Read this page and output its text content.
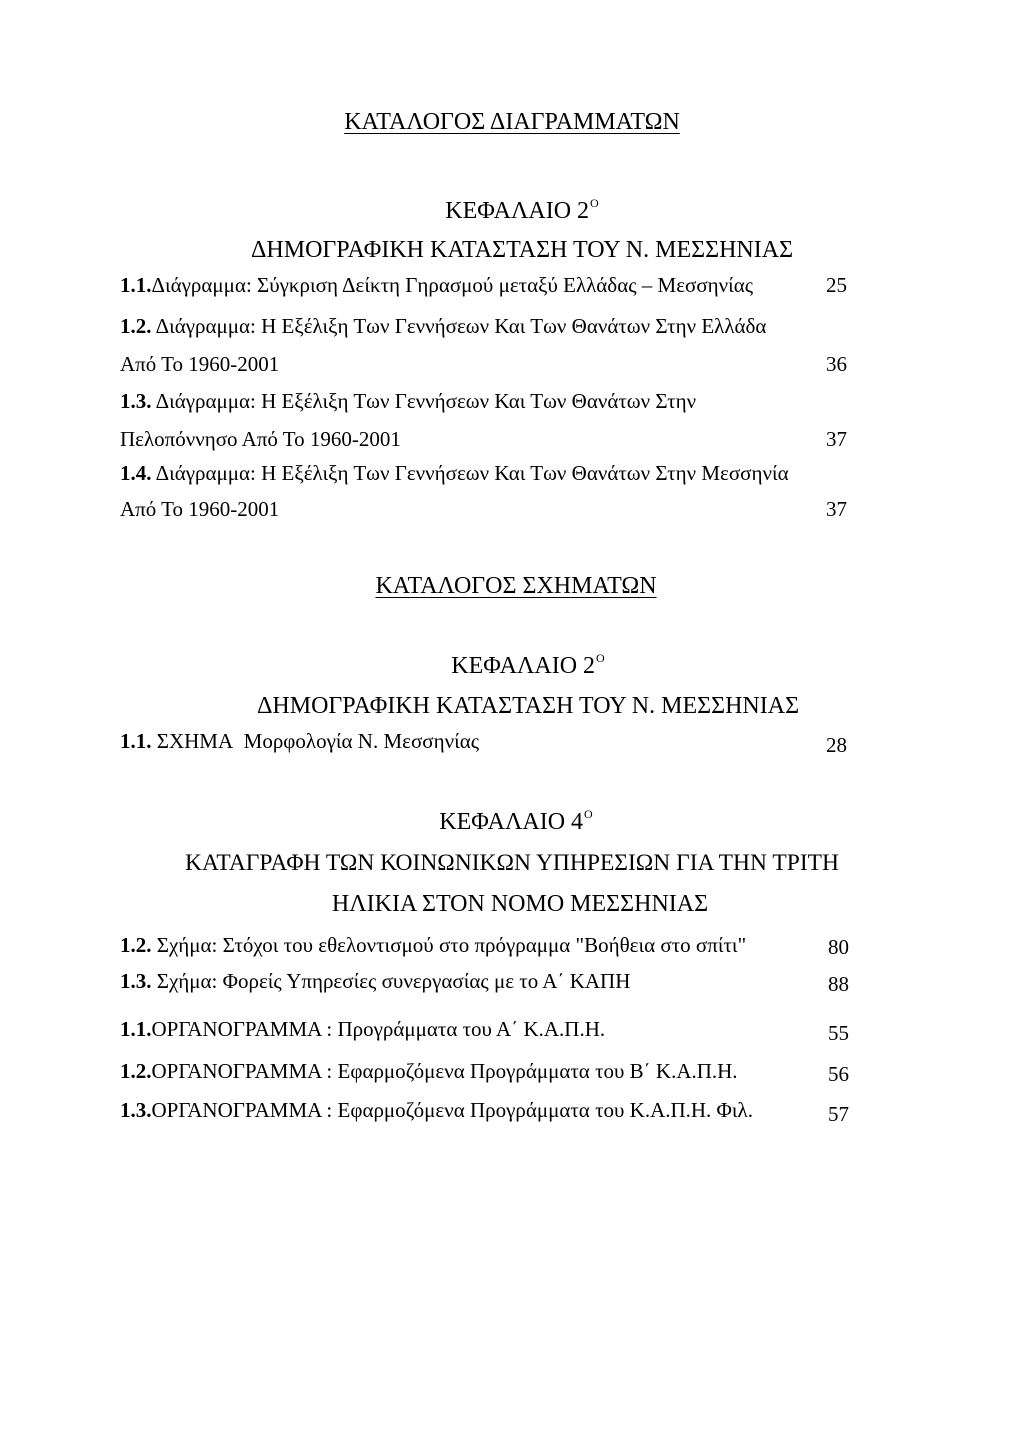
ΚΑΤΑΛΟΓΟΣ ΔΙΑΓΡΑΜΜΑΤΩΝ
ΚΕΦΑΛΑΙΟ $2^O$
ΔΗΜΟΓΡΑΦΙΚΗ ΚΑΤΑΣΤΑΣΗ ΤΟΥ Ν. ΜΕΣΣΗΝΙΑΣ
1.1.Διάγραμμα: Σύγκριση Δείκτη Γηρασμού μεταξύ Ελλάδας – Μεσσηνίας	25
1.2. Διάγραμμα: Η Εξέλιξη Των Γεννήσεων Και Των Θανάτων Στην Ελλάδα
Από Το 1960-2001	36
1.3. Διάγραμμα: Η Εξέλιξη Των Γεννήσεων Και Των Θανάτων Στην
Πελοπόννησο Από Το 1960-2001	37
1.4. Διάγραμμα: Η Εξέλιξη Των Γεννήσεων Και Των Θανάτων Στην Μεσσηνία
Από Το 1960-2001	37
ΚΑΤΑΛΟΓΟΣ ΣΧΗΜΑΤΩΝ
ΚΕΦΑΛΑΙΟ $2^O$
ΔΗΜΟΓΡΑΦΙΚΗ ΚΑΤΑΣΤΑΣΗ ΤΟΥ Ν. ΜΕΣΣΗΝΙΑΣ
1.1. ΣΧΗΜΑ Μορφολογία Ν. Μεσσηνίας	28
ΚΕΦΑΛΑΙΟ $4^O$
ΚΑΤΑΓΡΑΦΗ ΤΩΝ ΚΟΙΝΩΝΙΚΩΝ ΥΠΗΡΕΣΙΩΝ ΓΙΑ ΤΗΝ ΤΡΙΤΗ
ΗΛΙΚΙΑ ΣΤΟΝ ΝΟΜΟ ΜΕΣΣΗΝΙΑΣ
1.2. Σχήμα: Στόχοι του εθελοντισμού στο πρόγραμμα "Βοήθεια στο σπίτι"	80
1.3. Σχήμα: Φορείς Υπηρεσίες συνεργασίας με το Α΄ ΚΑΠΗ	88
1.1.ΟΡΓΑΝΟΓΡΑΜΜΑ : Προγράμματα του Α΄ Κ.Α.Π.Η.	55
1.2.ΟΡΓΑΝΟΓΡΑΜΜΑ : Εφαρμοζόμενα Προγράμματα του Β΄ Κ.Α.Π.Η.	56
1.3.ΟΡΓΑΝΟΓΡΑΜΜΑ : Εφαρμοζόμενα Προγράμματα του Κ.Α.Π.Η. Φιλ.	57
